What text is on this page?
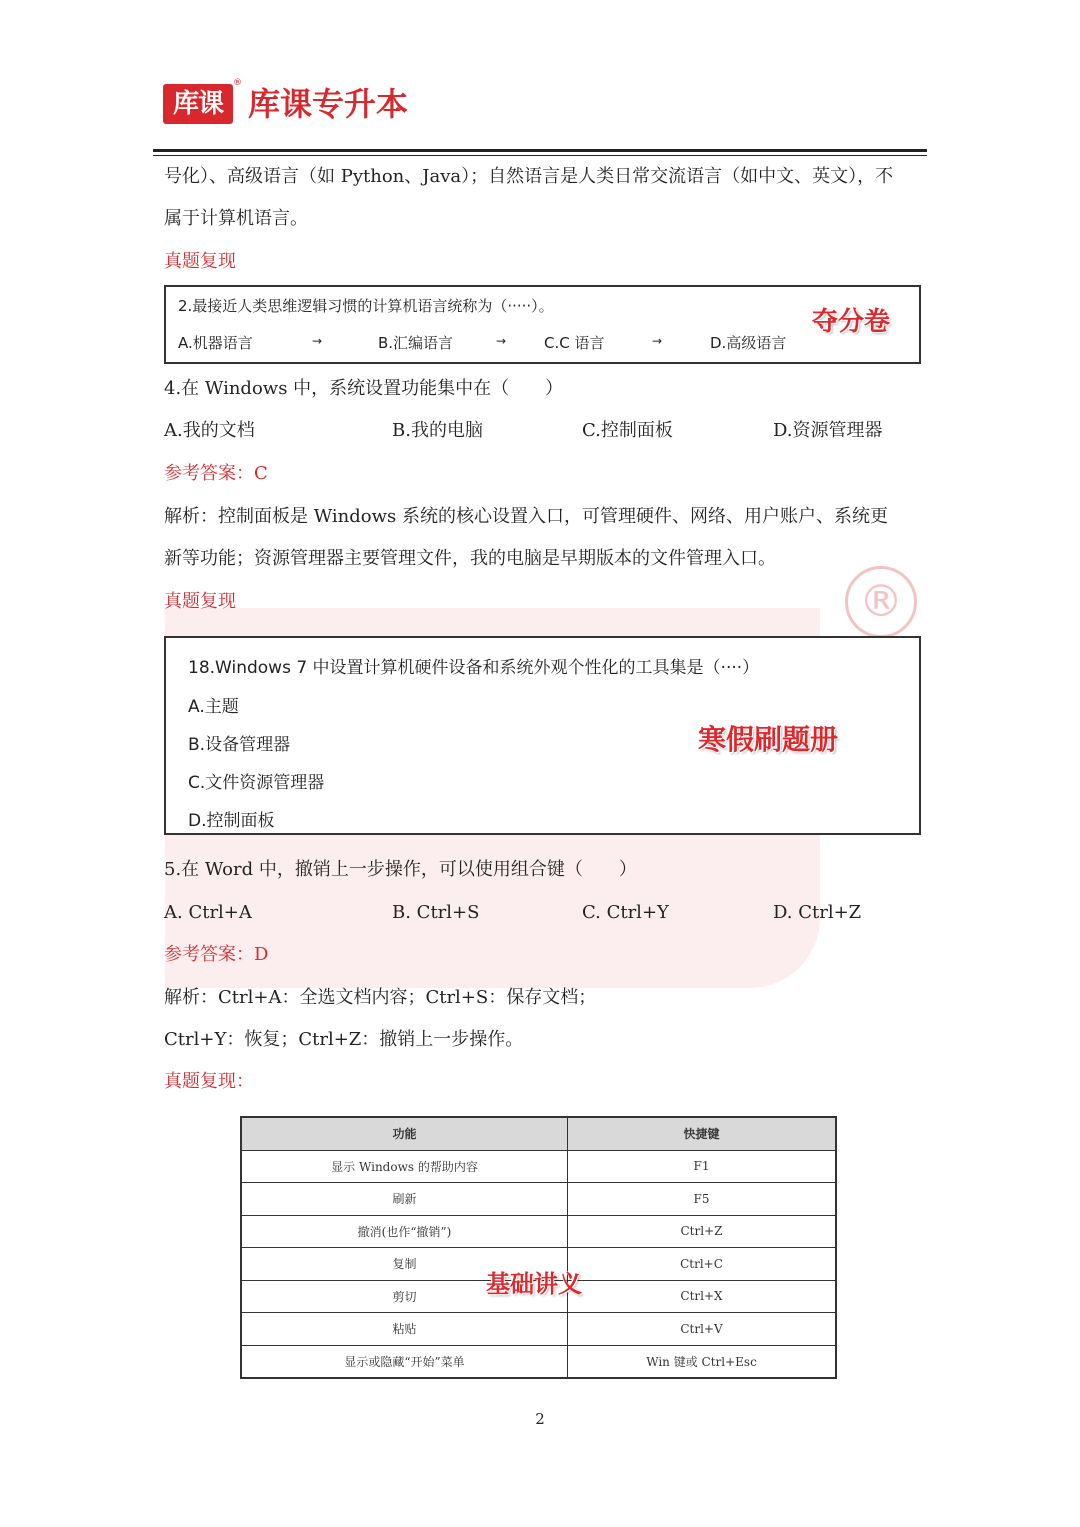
®
库课
®
库课专升本
号化）、高级语言（如 Python、Java）；自然语言是人类日常交流语言（如中文、英文），不
属于计算机语言。
真题复现
2.最接近人类思维逻辑习惯的计算机语言统称为（·····）。
A.机器语言	→	B.汇编语言	→	C.C 语言	→	D.高级语言
夺分卷
4.在 Windows 中，系统设置功能集中在（　　）
A.我的文档	B.我的电脑	C.控制面板	D.资源管理器
参考答案：C
解析：控制面板是 Windows 系统的核心设置入口，可管理硬件、网络、用户账户、系统更
新等功能；资源管理器主要管理文件，我的电脑是早期版本的文件管理入口。
真题复现
18.Windows 7 中设置计算机硬件设备和系统外观个性化的工具集是（····）
A.主题
B.设备管理器
C.文件资源管理器
D.控制面板
寒假刷题册
5.在 Word 中，撤销上一步操作，可以使用组合键（　　）
A. Ctrl+A	B. Ctrl+S	C. Ctrl+Y	D. Ctrl+Z
参考答案：D
解析：Ctrl+A：全选文档内容；Ctrl+S：保存文档；
Ctrl+Y：恢复；Ctrl+Z：撤销上一步操作。
真题复现：
功能	快捷键
显示 Windows 的帮助内容	F1
刷新	F5
撤消(也作“撤销”)	Ctrl+Z
复制	Ctrl+C
剪切	Ctrl+X
粘贴	Ctrl+V
显示或隐藏“开始”菜单	Win 键或 Ctrl+Esc
基础讲义
2
